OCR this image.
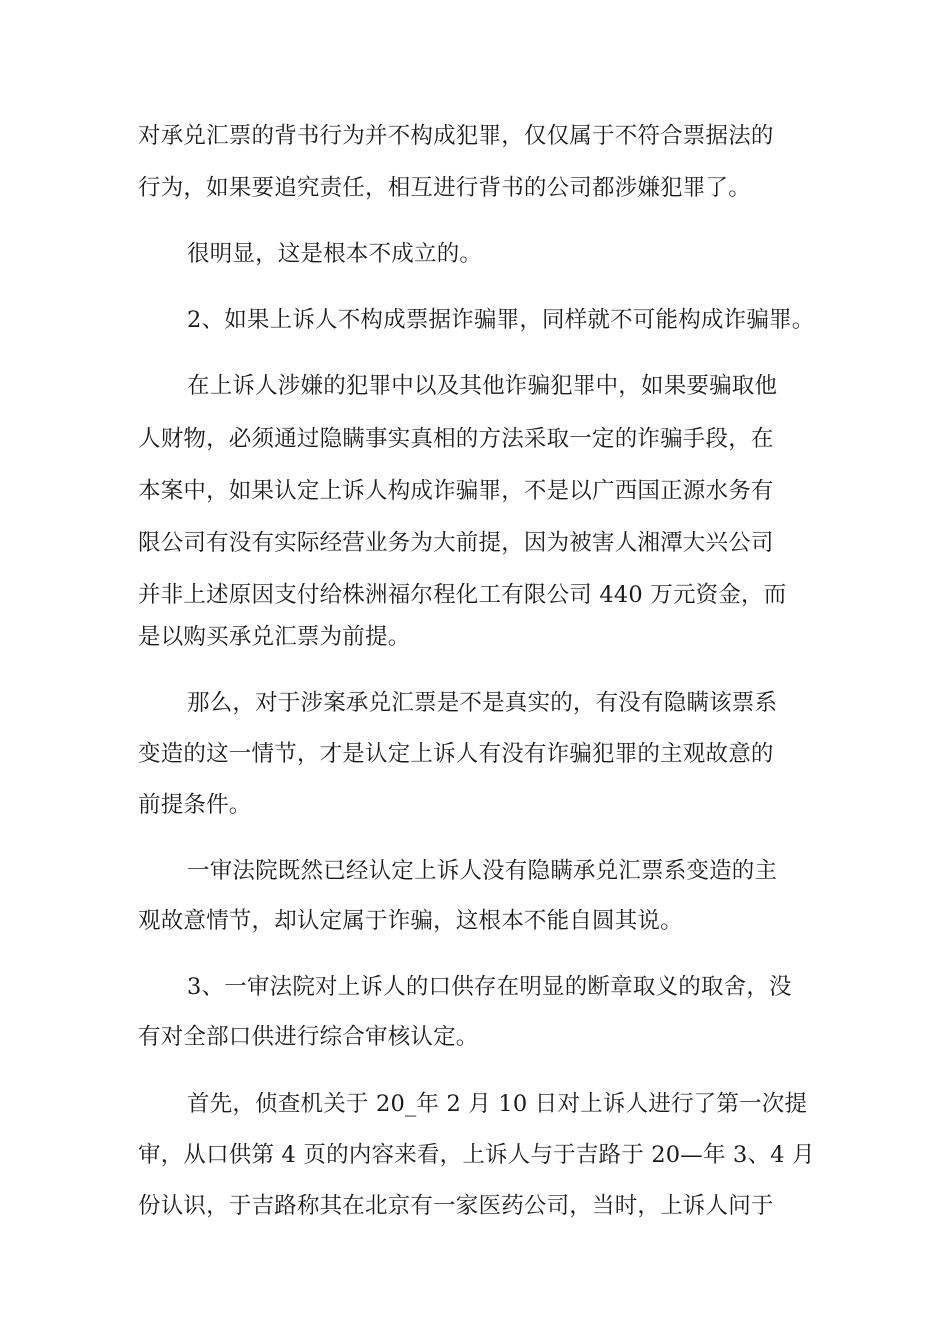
对承兑汇票的背书行为并不构成犯罪，仅仅属于不符合票据法的

行为，如果要追究责任，相互进行背书的公司都涉嫌犯罪了。

很明显，这是根本不成立的。

2、如果上诉人不构成票据诈骗罪，同样就不可能构成诈骗罪。

在上诉人涉嫌的犯罪中以及其他诈骗犯罪中，如果要骗取他

人财物，必须通过隐瞒事实真相的方法采取一定的诈骗手段，在

本案中，如果认定上诉人构成诈骗罪，不是以广西国正源水务有

限公司有没有实际经营业务为大前提，因为被害人湘潭大兴公司

并非上述原因支付给株洲福尔程化工有限公司 440 万元资金，而

是以购买承兑汇票为前提。

那么，对于涉案承兑汇票是不是真实的，有没有隐瞒该票系

变造的这一情节，才是认定上诉人有没有诈骗犯罪的主观故意的

前提条件。

一审法院既然已经认定上诉人没有隐瞒承兑汇票系变造的主

观故意情节，却认定属于诈骗，这根本不能自圆其说。

3、一审法院对上诉人的口供存在明显的断章取义的取舍，没

有对全部口供进行综合审核认定。

首先，侦查机关于 20_年 2 月 10 日对上诉人进行了第一次提

审，从口供第 4 页的内容来看，上诉人与于吉路于 20—年 3、4 月

份认识，于吉路称其在北京有一家医药公司，当时，上诉人问于
